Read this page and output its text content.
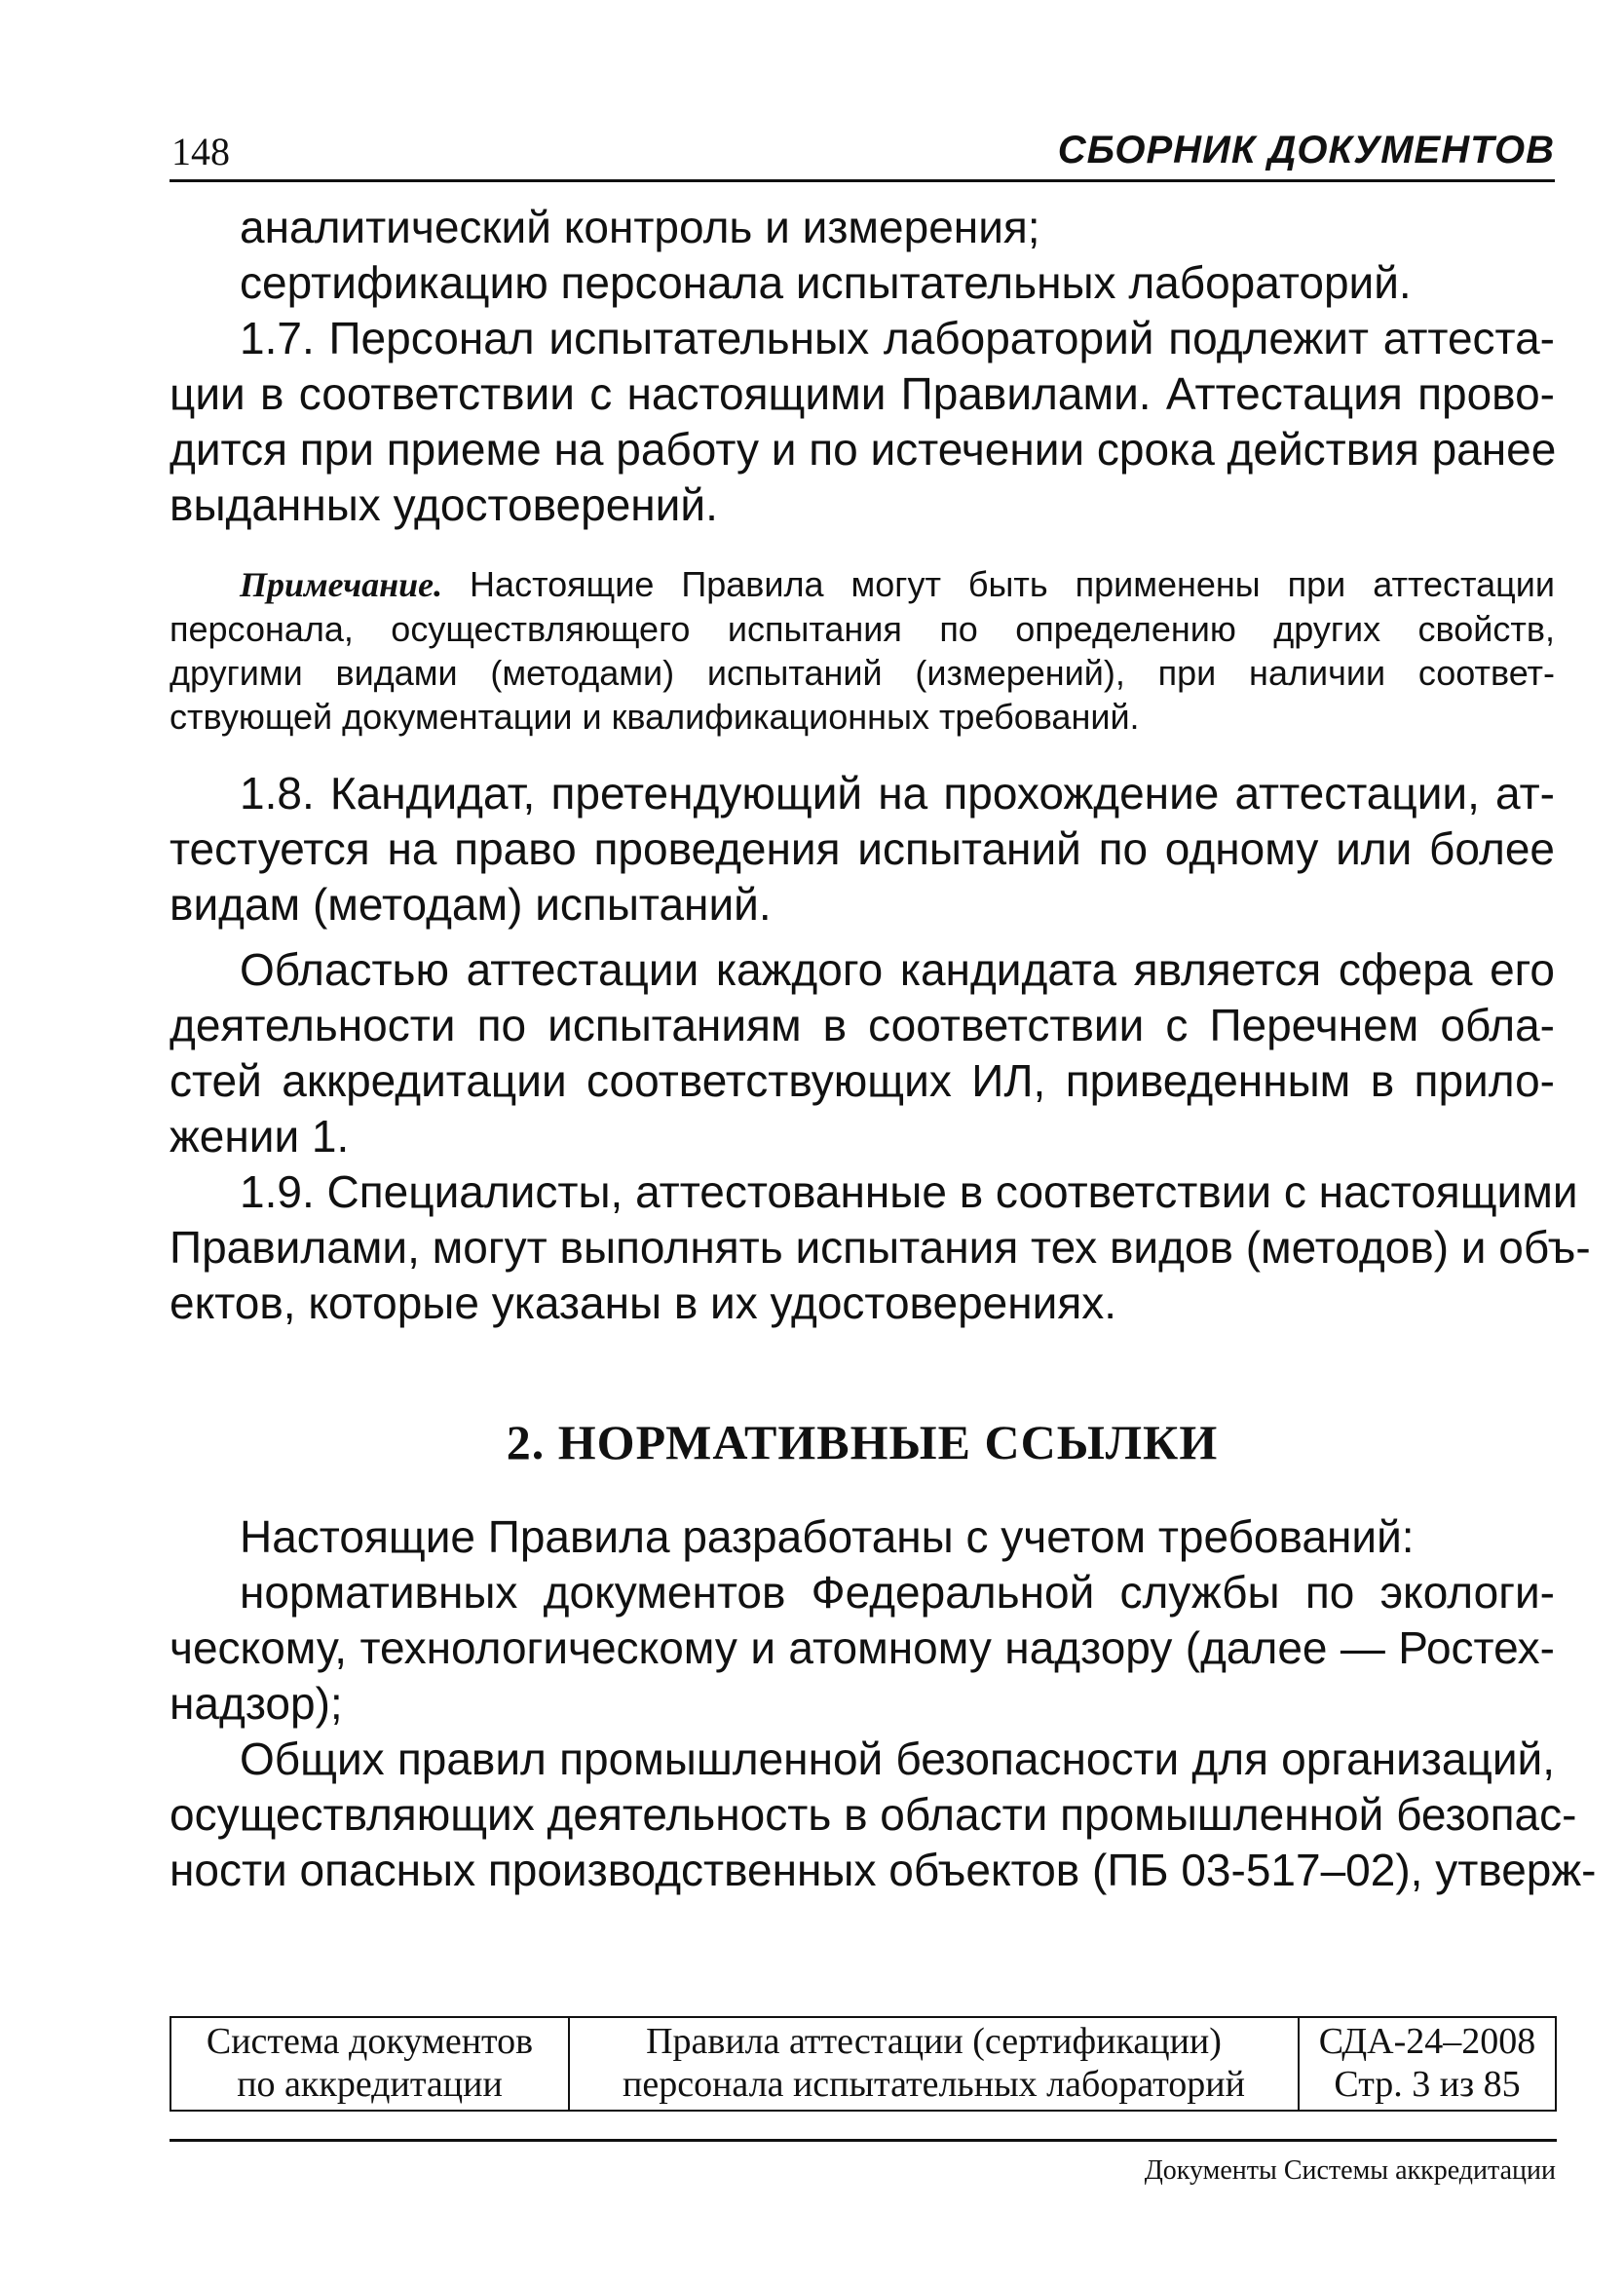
148	СБОРНИК ДОКУМЕНТОВ
аналитический контроль и измерения;
сертификацию персонала испытательных лабораторий.
1.7. Персонал испытательных лабораторий подлежит аттеста-
ции в соответствии с настоящими Правилами. Аттестация прово-
дится при приеме на работу и по истечении срока действия ранее
выданных удостоверений.
Примечание. Настоящие Правила могут быть применены при аттестации
персонала, осуществляющего испытания по определению других свойств,
другими видами (методами) испытаний (измерений), при наличии соответ-
ствующей документации и квалификационных требований.
1.8. Кандидат, претендующий на прохождение аттестации, ат-
тестуется на право проведения испытаний по одному или более
видам (методам) испытаний.
Областью аттестации каждого кандидата является сфера его
деятельности по испытаниям в соответствии с Перечнем обла-
стей аккредитации соответствующих ИЛ, приведенным в прило-
жении 1.
1.9. Специалисты, аттестованные в соответствии с настоящими
Правилами, могут выполнять испытания тех видов (методов) и объ-
ектов, которые указаны в их удостоверениях.
2. НОРМАТИВНЫЕ ССЫЛКИ
Настоящие Правила разработаны с учетом требований:
нормативных документов Федеральной службы по экологи-
ческому, технологическому и атомному надзору (далее — Ростех-
надзор);
Общих правил промышленной безопасности для организаций,
осуществляющих деятельность в области промышленной безопас-
ности опасных производственных объектов (ПБ 03-517–02), утверж-
Система документов
по аккредитации

Правила аттестации (сертификации)
персонала испытательных лабораторий

СДА-24–2008
Стр. 3 из 85
Документы Системы аккредитации
